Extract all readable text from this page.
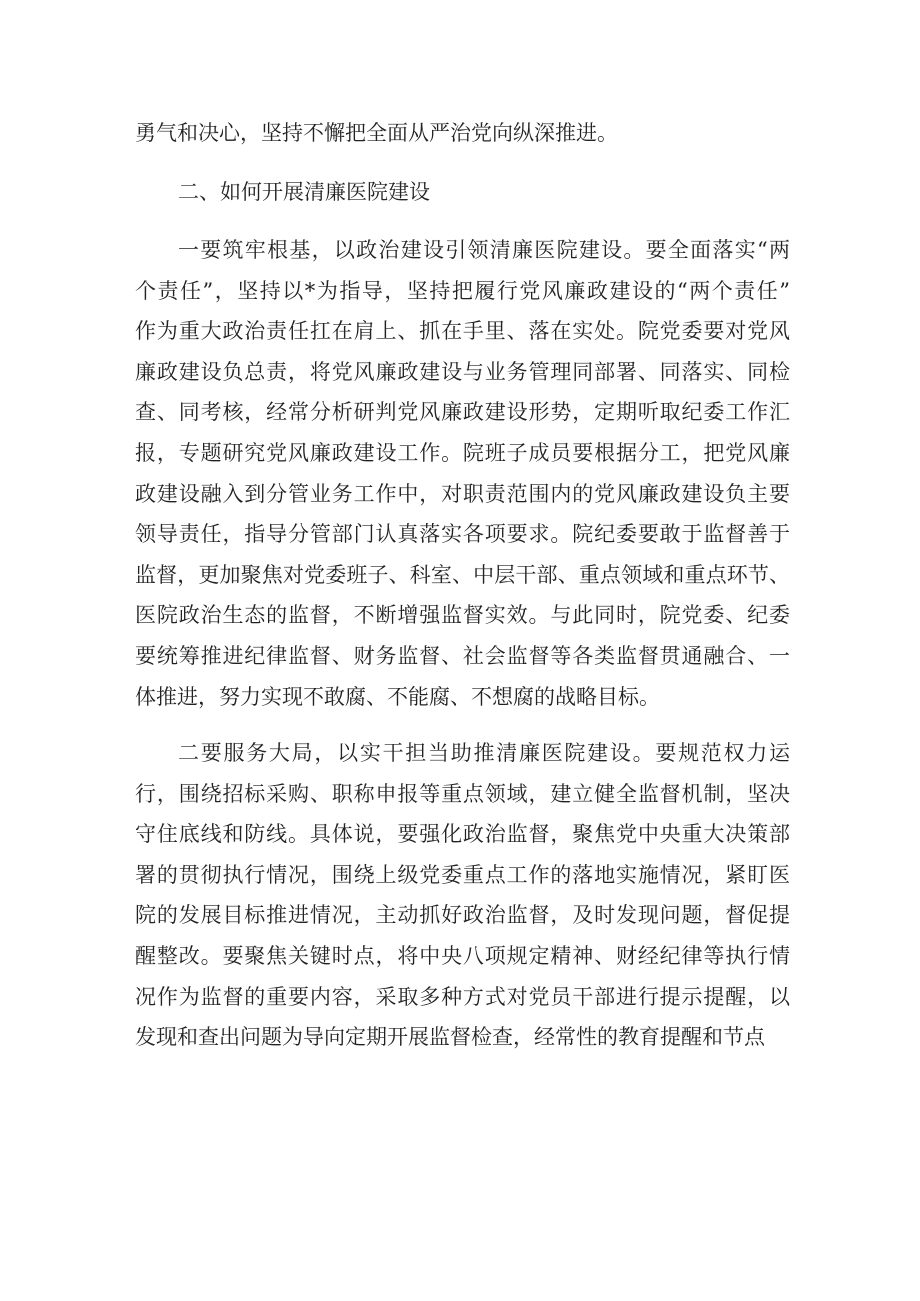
勇气和决心，坚持不懈把全面从严治党向纵深推进。
二、如何开展清廉医院建设
一要筑牢根基，以政治建设引领清廉医院建设。要全面落实“两
个责任”，坚持以*为指导，坚持把履行党风廉政建设的“两个责任”
作为重大政治责任扛在肩上、抓在手里、落在实处。院党委要对党风
廉政建设负总责，将党风廉政建设与业务管理同部署、同落实、同检
查、同考核，经常分析研判党风廉政建设形势，定期听取纪委工作汇
报，专题研究党风廉政建设工作。院班子成员要根据分工，把党风廉
政建设融入到分管业务工作中，对职责范围内的党风廉政建设负主要
领导责任，指导分管部门认真落实各项要求。院纪委要敢于监督善于
监督，更加聚焦对党委班子、科室、中层干部、重点领域和重点环节、
医院政治生态的监督，不断增强监督实效。与此同时，院党委、纪委
要统筹推进纪律监督、财务监督、社会监督等各类监督贯通融合、一
体推进，努力实现不敢腐、不能腐、不想腐的战略目标。
二要服务大局，以实干担当助推清廉医院建设。要规范权力运
行，围绕招标采购、职称申报等重点领域，建立健全监督机制，坚决
守住底线和防线。具体说，要强化政治监督，聚焦党中央重大决策部
署的贯彻执行情况，围绕上级党委重点工作的落地实施情况，紧盯医
院的发展目标推进情况，主动抓好政治监督，及时发现问题，督促提
醒整改。要聚焦关键时点，将中央八项规定精神、财经纪律等执行情
况作为监督的重要内容，采取多种方式对党员干部进行提示提醒，以
发现和查出问题为导向定期开展监督检查，经常性的教育提醒和节点
